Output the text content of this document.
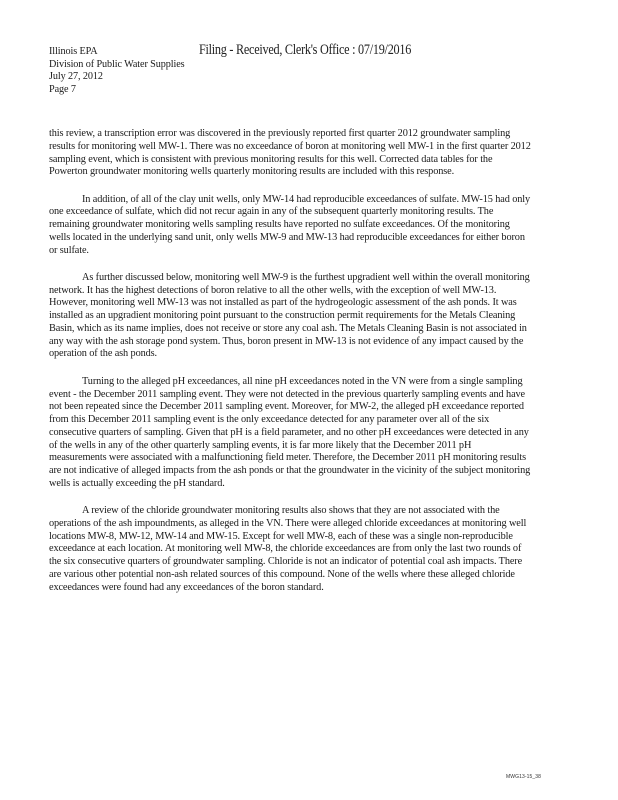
Illinois EPA
Division of Public Water Supplies
July 27, 2012
Page 7
Filing - Received, Clerk's Office : 07/19/2016

this review, a transcription error was discovered in the previously reported first quarter 2012 groundwater sampling results for monitoring well MW-1. There was no exceedance of boron at monitoring well MW-1 in the first quarter 2012 sampling event, which is consistent with previous monitoring results for this well. Corrected data tables for the Powerton groundwater monitoring wells quarterly monitoring results are included with this response.

In addition, of all of the clay unit wells, only MW-14 had reproducible exceedances of sulfate. MW-15 had only one exceedance of sulfate, which did not recur again in any of the subsequent quarterly monitoring results. The remaining groundwater monitoring wells sampling results have reported no sulfate exceedances. Of the monitoring wells located in the underlying sand unit, only wells MW-9 and MW-13 had reproducible exceedances for either boron or sulfate.

As further discussed below, monitoring well MW-9 is the furthest upgradient well within the overall monitoring network. It has the highest detections of boron relative to all the other wells, with the exception of well MW-13. However, monitoring well MW-13 was not installed as part of the hydrogeologic assessment of the ash ponds. It was installed as an upgradient monitoring point pursuant to the construction permit requirements for the Metals Cleaning Basin, which as its name implies, does not receive or store any coal ash. The Metals Cleaning Basin is not associated in any way with the ash storage pond system. Thus, boron present in MW-13 is not evidence of any impact caused by the operation of the ash ponds.

Turning to the alleged pH exceedances, all nine pH exceedances noted in the VN were from a single sampling event - the December 2011 sampling event. They were not detected in the previous quarterly sampling events and have not been repeated since the December 2011 sampling event. Moreover, for MW-2, the alleged pH exceedance reported from this December 2011 sampling event is the only exceedance detected for any parameter over all of the six consecutive quarters of sampling. Given that pH is a field parameter, and no other pH exceedances were detected in any of the wells in any of the other quarterly sampling events, it is far more likely that the December 2011 pH measurements were associated with a malfunctioning field meter. Therefore, the December 2011 pH monitoring results are not indicative of alleged impacts from the ash ponds or that the groundwater in the vicinity of the subject monitoring wells is actually exceeding the pH standard.

A review of the chloride groundwater monitoring results also shows that they are not associated with the operations of the ash impoundments, as alleged in the VN. There were alleged chloride exceedances at monitoring well locations MW-8, MW-12, MW-14 and MW-15. Except for well MW-8, each of these was a single non-reproducible exceedance at each location. At monitoring well MW-8, the chloride exceedances are from only the last two rounds of the six consecutive quarters of groundwater sampling. Chloride is not an indicator of potential coal ash impacts. There are various other potential non-ash related sources of this compound. None of the wells where these alleged chloride exceedances were found had any exceedances of the boron standard.

MWG13-15_38
